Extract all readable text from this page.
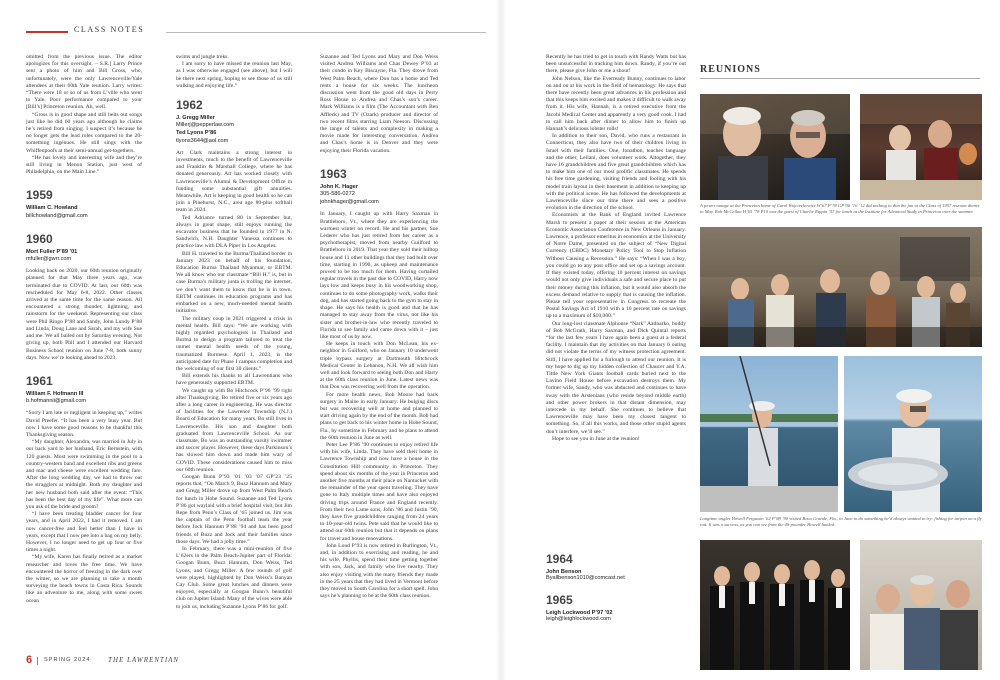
CLASS NOTES

omitted from the previous issue. The editor apologizes for this oversight. – S.R.] Larry Prince sent a photo of him and Bill Gross, who, unfortunately, were the only Lawrenceville/Yale attendees at their 60th Yale reunion. Larry writes: “There were 18 or so of us from L’ville who went to Yale. Poor performance compared to your [Bill’s] Princeton reunion. Ah, well.

“Gross is in good shape and still belts out songs just like he did 60 years ago although he claims he’s retired from singing. I suspect it’s because he no longer gets the lead roles compared to the 20-something ingénues. He still sings with the Whiffenpoofs at their semi-annual get-togethers.

“He has lovely and interesting wife and they’re still living in Menon Station, just west of Philadelphia, on the Main Line.”

1959
William C. Howland
billchowland@gmail.com
1960
Mort Fuller P’89 ’01
mfuller@gwrr.com

Looking back on 2020, our 60th reunion originally planned for that May three years ago, was terminated due to COVID. At last, our 60th was rescheduled for May 6-8, 2022. Other classes arrived at the same time for the same reason. All encountered a strong thunder, lightning, and rainstorm for the weekend. Representing our class were Phil Ringo P’88 and Sandy, John Lundy P’88 and Linda, Doug Lane and Sarah, and my wife Sue and me. We all bailed out by Saturday evening. Not giving up, both Phil and I attended our Harvard Business School reunion on June 7-8, both sunny days. Now we’re looking ahead to 2023.

1961
William F. Hofmann III
b.hofmannii@gmail.com

“Sorry I am late or negligent in keeping up,” writes David Preefer. “It has been a very busy year. But now I have some good reasons to be thankful this Thanksgiving season.

“My daughter, Alexandra, was married in July in our back yard to her husband, Eric Bernstein, with 120 guests. Most were swimming in the pool to a country-western band and excellent ribs and greens and mac and cheese were excellent wedding fare. After the long wedding day, we had to throw out the stragglers at midnight. Both my daughter and her new husband both said after the event: “This has been the best day of my life”. What more can you ask of the bride and groom?

“I have been treating bladder cancer for four years, and in April 2022, I had it removed. I am now cancer-free and feel better than I have in years, except that I now pee into a bag on my belly. However, I no longer need to get up four or five times a night.

“My wife, Karen has finally retired as a market researcher and loves the free time. We have encountered the horror of freezing in the dark over the winter, so we are planning to take a month surveying the beach towns in Costa Rica. Sounds like an adventure to me, along with some sweet ocean

swims and jungle treks.

I am sorry to have missed the reunion last May, as I was otherwise engaged (see above), but I will be there next spring, hoping to see those of us still walking and enjoying life.”

1962
J. Gregg Miller
Millerj@pepperlaw.com
Ted Lyons P’86
tlyons3644@aol.com

Art Clark maintains a strong interest in investments, much to the benefit of Lawrenceville and Franklin & Marshall College, where he has donated generously. Art has worked closely with Lawrenceville’s Alumni & Development Office in funding some substantial gift annuities. Meanwhile, Art is keeping in good health so he can join a Pinehurst, N.C., area age 80-plus softball team in 2024.

Ted Adriance turned 80 in September but, always in great shape, still enjoys running the excavator business that he founded in 1977 in N. Sandwich, N.H. Daughter Vanessa continues to practice law with DLA Piper in Los Angeles.

Bill H. traveled to the Burma/Thailand border in January 2023 on behalf of his foundation, Education Burma Thailand Myanmar, or EBTM. We all know who our classmate “Bill H.” is, but in case Burma’s military junta is trolling the internet, we don’t want them to know that he is in town. EBTM continues its education programs and has embarked on a new, much-needed mental health initiative.

The military coup in 2021 triggered a crisis in mental health. Bill says: “We are working with highly regarded psychologists in Thailand and Burma to design a program tailored to treat the unmet mental health needs of the young, traumatized Burmese. April 1, 2023, is the anticipated date for Phase I campus completion and the welcoming of our first 30 clients.”

Bill extends his thanks to all Lawrentians who have generously supported EBTM.

We caught up with Bo Hitchcock P’96 ’99 right after Thanksgiving. Bo retired five or six years ago after a long career in engineering. He was director of facilities for the Lawrence Township (N.J.) Board of Education for many years. Bo still lives in Lawrenceville. His son and daughter both graduated from Lawrenceville School. As our classmate, Bo was an outstanding varsity swimmer and soccer player. However, these days Parkinson’s has slowed him down and made him wary of COVID. These considerations caused him to miss our 60th reunion.

Googan Bunn P’93 ’01 ’03 ’07 GP’23 ’25 reports that, “On March 9, Buzz Hannum and Mary and Gregg Miller drove up from West Palm Beach for lunch in Hobe Sound. Suzanne and Ted Lyons P’86 got waylaid with a brief hospital visit, but Jim Repe from Penn’s Class of ’65 joined us. Jim was the captain of the Penn football team the year before Jock Hannum P’88 ’94 and has been good friends of Buzz and Jock and their families since those days. We had a jolly time.”

In February, there was a mini-reunion of five L’62ers in the Palm Beach-Jupiter part of Florida: Googan Bunn, Buzz Hannum, Don Weiss, Ted Lyons, and Gregg Miller. A few rounds of golf were played, highlighted by Don Weiss’s Banyan Cay Club. Some great lunches and dinners were enjoyed, especially at Googan Bunn’s beautiful club on Jupiter Island. Many of the wives were able to join us, including Suzanne Lyons P’86 for golf.

Suzanne and Ted Lyons and Mary and Don Weiss visited Andrea Williams and Chas Dewey P’03 at their condo in Key Biscayne, Fla. They drove from West Palm Beach, where Don has a home and Ted rents a house for six weeks. The luncheon discussion went from the good old days in Perry Ross House to Andrea and Chas’s son’s career. Mark Williams is a film (The Accountant with Ben Affleck) and TV (Ozark) producer and director of two recent films starring Liam Neeson. Discussing the range of talents and complexity in making a movie made for interesting conversation. Andrea and Chas’s home is in Denver and they were enjoying their Florida vacation.

1963
John K. Hager
305-586-0272
johnkhager@gmail.com

In January, I caught up with Harry Saxman in Brattleboro, Vt., where they are experiencing the warmest winter on record. He and his partner, Sue Lederer who has just retired from her career as a psychotherapist, moved from nearby Guilford to Brattleboro in 2019. That year they sold their hilltop house and 11 other buildings that they had built over time, starting in 1990, as upkeep and maintenance proved to be too much for them. Having curtailed regular travels in the past due to COVID, Harry now lays low and keeps busy in his woodworking shop, continues to do some photography work, walks their dog, and has started going back to the gym to stay in shape. He says his health is good and that he has managed to stay away from the virus, not like his sister and brother-in-law who recently traveled to Florida to see family and came down with it – just like most of us by now.

He keeps in touch with Don McLean, his ex-neighbor in Guilford, who on January 10 underwent triple bypass surgery at Dartmouth Hitchcock Medical Center in Lebanon, N.H. We all wish him well and look forward to seeing both Don and Harry at the 60th class reunion in June. Latest news was that Don was recovering well from the operation.

For more health news, Bob Moore had back surgery in Maine in early January. He bulging discs but was recovering well at home and planned to start driving again by the end of the month. Bob had plans to get back to his winter home in Hobe Sound, Fla., by sometime in February and he plans to attend the 60th reunion in June as well.

Peter Lee P’86 ’90 continues to enjoy retired life with his wife, Linda. They have sold their home in Lawrence Township and now have a house in the Constitution Hill community in Princeton. They spend about six months of the year in Princeton and another five months at their place on Nantucket with the remainder of the year spent traveling. They have gone to Italy multiple times and have also enjoyed driving trips around France and England recently. From their two Lame sons, John ’86 and Justin ’90, they have five grandchildren ranging from 24 years to 10-year-old twins. Pete said that he would like to attend our 60th reunion but that it depends on plans for travel and house renovations.

John Loud P’93 is now retired in Burlington, Vt., and, in addition to exercising and reading, he and his wife, Phyllis, spend their time getting together with son, Jack, and family who live nearby. They also enjoy visiting with the many friends they made in the 25 years that they had lived in Vermont before they moved to South Carolina for a short spell. John says he’s planning to be at the 60th class reunion.

Recently he has tried to get in touch with Randy Watts but has been unsuccessful in tracking him down. Randy, if you’re out there, please give John or me a shout!

John Nelson, like the Everready Bunny, continues to labor on and on at his work in the field of hematology. He says that there have recently been great advances in his profession and that this keeps him excited and makes it difficult to walk away from it. His wife, Hannah, is a retired executive from the Jacobi Medical Center and apparently a very good cook. I had to call him back after dinner to allow him to finish up Hannah’s delicious lobster rolls!

In addition to their son, David, who runs a restaurant in Connecticut, they also have two of their children living in Israel with their families. One, Jonathon, teaches language and the other, Leilani, does volunteer work. Altogether, they have 16 grandchildren and five great grandchildren which has to make him one of our most prolific classmates. He spends his free time gardening, visiting friends and fooling with his model train layout in their basement in addition to keeping up with the political scene. He has followed the developments at Lawrenceville since our time there and sees a positive evolution in the direction of the school.

Economists at the Bank of England invited Lawrence Marsh to present a paper at their session at the American Economic Association Conference in New Orleans in January. Lawrence, a professor emeritus in economics at the University of Notre Dame, presented on the subject of “New Digital Currency (CBDC) Monetary Policy Tool to Stop Inflation Without Causing a Recession.” He says: “When I was a boy, you could go to any post office and set up a savings account. If they existed today, offering 10 percent interest on savings would not only give individuals a safe and secure place to put their money during this inflation, but it would also absorb the excess demand relative to supply that is causing the inflation. Please tell your representative in Congress to recreate the Postal Savings Act of 1910 with a 10 percent rate on savings up to a maximum of $10,000.”

Our long-lost classmate Alphonse “Nark” Aadnarko, buddy of Bob McGrath, Harry Saxman, and Dick Quintal reports “for the last few years I have again been a guest at a federal facility. I maintain that my activities on that January 6 outing did not violate the terms of my witness protection agreement. Still, I have applied for a furlough to attend our reunion. It is my hope to dig up my hidden collection of Chaucer and Y.A. Tittle New York Giants football cards buried next to the Lavino Field House before excavation destroys them. My former wife, Sandy, who was abducted and continues to have sway with the Arstenians (who reside beyond middle earth) and other power brokers in that distant dimension, may intercede in my behalf. She continues to believe that Lawrenceville may have been my closest tangent to something. So, if all this works, and those other stupid agents don’t interfere, we’ll see.”

Hope to see you in June at the reunion!

1964
John Benson
Byallbenson1010@comcast.net
1965
Leigh Lockwood P’97 ’02
leigh@leighlockwood.com
REUNIONS
A power outage at the Princeton home of Carol Wojciechowicz W’67 P’78 GP’06 ’10 ’12 did nothing to dim the fun at the Class of 1957 reunion dinner in May. Rob McCellan H’65 ’78 P10 was the guest of Charlie Rippin ’57 for lunch at the Institute for Advanced Study in Princeton over the summer.
Longtime angler Howell Ferguson ’62 P’88 ’90 visited Boca Grande, Fla., in June to do something he’d always wanted to try: fishing for tarpon on a fly rod. It was a success, as you can see from the 40-pounder Howell landed.
6 SPRING 2024	THE LAWRENTIAN
